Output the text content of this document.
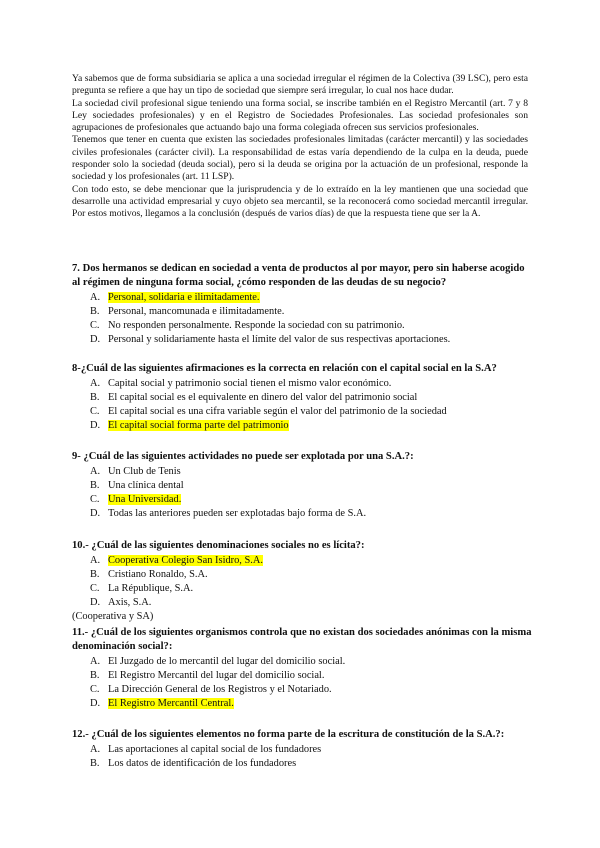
Ya sabemos que de forma subsidiaria se aplica a una sociedad irregular el régimen de la Colectiva (39 LSC), pero esta pregunta se refiere a que hay un tipo de sociedad que siempre será irregular, lo cual nos hace dudar.

La sociedad civil profesional sigue teniendo una forma social, se inscribe también en el Registro Mercantil (art. 7 y 8 Ley sociedades profesionales) y en el Registro de Sociedades Profesionales. Las sociedad profesionales son agrupaciones de profesionales que actuando bajo una forma colegiada ofrecen sus servicios profesionales.

Tenemos que tener en cuenta que existen las sociedades profesionales limitadas (carácter mercantil) y las sociedades civiles profesionales (carácter civil). La responsabilidad de estas varía dependiendo de la culpa en la deuda, puede responder solo la sociedad (deuda social), pero si la deuda se origina por la actuación de un profesional, responde la sociedad y los profesionales (art. 11 LSP).

Con todo esto, se debe mencionar que la jurisprudencia y de lo extraído en la ley mantienen que una sociedad que desarrolle una actividad empresarial y cuyo objeto sea mercantil, se la reconocerá como sociedad mercantil irregular. Por estos motivos, llegamos a la conclusión (después de varios días) de que la respuesta tiene que ser la A.

7. Dos hermanos se dedican en sociedad a venta de productos al por mayor, pero sin haberse acogido al régimen de ninguna forma social, ¿cómo responden de las deudas de su negocio?

A. Personal, solidaria e ilimitadamente.
B. Personal, mancomunada e ilimitadamente.
C. No responden personalmente. Responde la sociedad con su patrimonio.
D. Personal y solidariamente hasta el límite del valor de sus respectivas aportaciones.

8-¿Cuál de las siguientes afirmaciones es la correcta en relación con el capital social en la S.A?

A. Capital social y patrimonio social tienen el mismo valor económico.
B. El capital social es el equivalente en dinero del valor del patrimonio social
C. El capital social es una cifra variable según el valor del patrimonio de la sociedad
D. El capital social forma parte del patrimonio

9- ¿Cuál de las siguientes actividades no puede ser explotada por una S.A.?:

A. Un Club de Tenis
B. Una clínica dental
C. Una Universidad.
D. Todas las anteriores pueden ser explotadas bajo forma de S.A.

10.- ¿Cuál de las siguientes denominaciones sociales no es lícita?:

A. Cooperativa Colegio San Isidro, S.A.
B. Cristiano Ronaldo, S.A.
C. La République, S.A.
D. Axis, S.A.

(Cooperativa y SA)

11.- ¿Cuál de los siguientes organismos controla que no existan dos sociedades anónimas con la misma denominación social?:

A. El Juzgado de lo mercantil del lugar del domicilio social.
B. El Registro Mercantil del lugar del domicilio social.
C. La Dirección General de los Registros y el Notariado.
D. El Registro Mercantil Central.

12.- ¿Cuál de los siguientes elementos no forma parte de la escritura de constitución de la S.A.?:

A. Las aportaciones al capital social de los fundadores
B. Los datos de identificación de los fundadores
